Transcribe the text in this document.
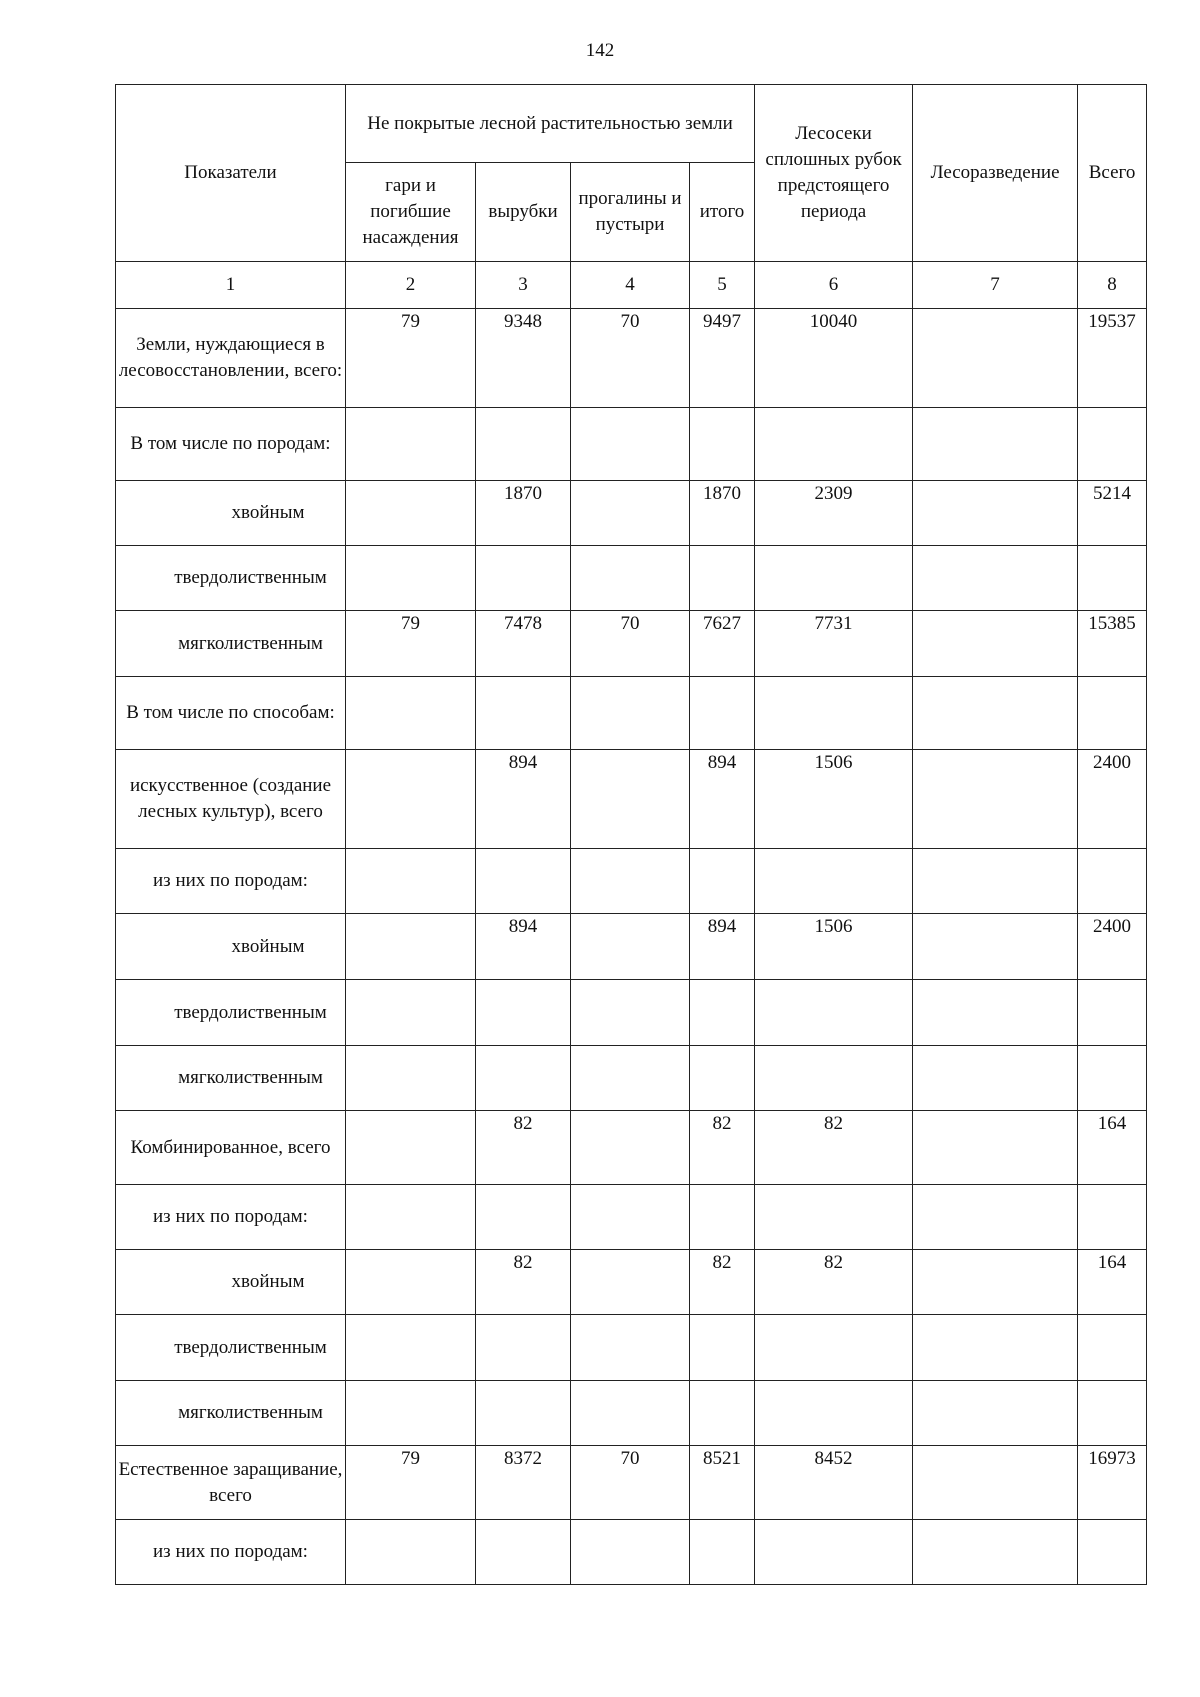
142
Показатели	Не покрытые лесной растительностью земли				Лесосеки сплошных рубок предстоящего периода	Лесоразведение	Всего
	гари и погибшие насаждения	вырубки	прогалины и пустыри	итого			
1	2	3	4	5	6	7	8
Земли, нуждающиеся в лесовосстановлении, всего:	79	9348	70	9497	10040		19537
В том числе по породам:							
хвойным		1870		1870	2309		5214
твердолиственным							
мягколиственным	79	7478	70	7627	7731		15385
В том числе по способам:							
искусственное (создание лесных культур), всего		894		894	1506		2400
из них по породам:							
хвойным		894		894	1506		2400
твердолиственным							
мягколиственным							
Комбинированное, всего		82		82	82		164
из них по породам:							
хвойным		82		82	82		164
твердолиственным							
мягколиственным							
Естественное заращивание, всего	79	8372	70	8521	8452		16973
из них по породам:							
